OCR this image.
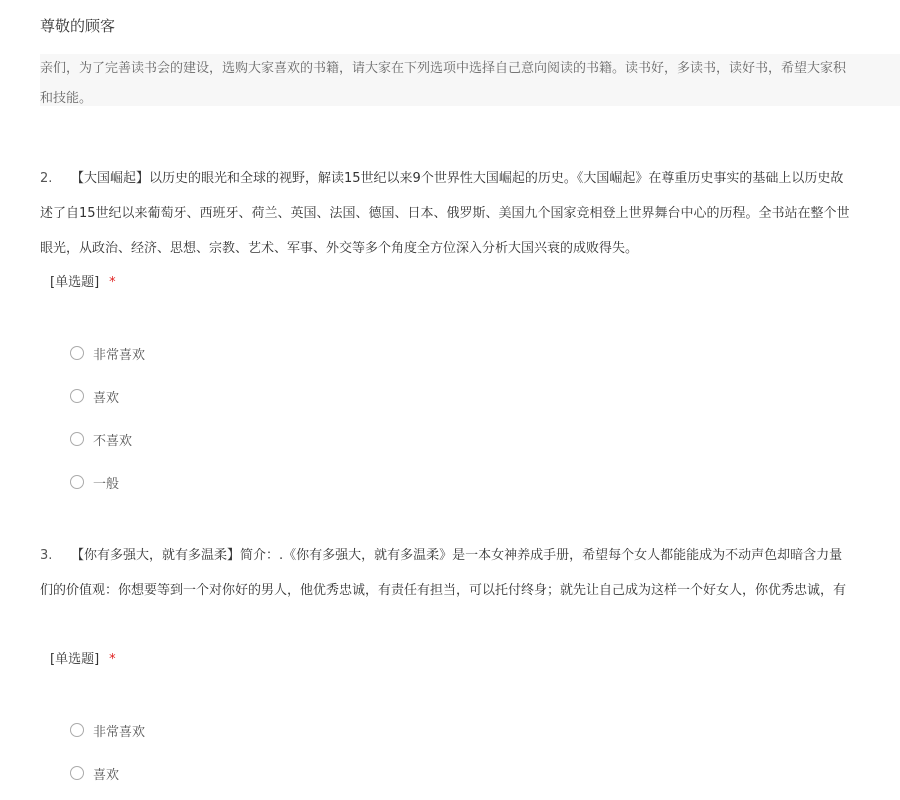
尊敬的顾客
亲们，为了完善读书会的建设，选购大家喜欢的书籍，请大家在下列选项中选择自己意向阅读的书籍。读书好，多读书，读好书，希望大家积
和技能。
2. 【大国崛起】以历史的眼光和全球的视野，解读15世纪以来9个世界性大国崛起的历史。《大国崛起》在尊重历史事实的基础上以历史故
述了自15世纪以来葡萄牙、西班牙、荷兰、英国、法国、德国、日本、俄罗斯、美国九个国家竞相登上世界舞台中心的历程。全书站在整个世
眼光，从政治、经济、思想、宗教、艺术、军事、外交等多个角度全方位深入分析大国兴衰的成败得失。
[单选题] *
非常喜欢
喜欢
不喜欢
一般
3. 【你有多强大，就有多温柔】简介：.《你有多强大，就有多温柔》是一本女神养成手册，希望每个女人都能能成为不动声色却暗含力量
们的价值观：你想要等到一个对你好的男人，他优秀忠诚，有责任有担当，可以托付终身；就先让自己成为这样一个好女人，你优秀忠诚，有
[单选题] *
非常喜欢
喜欢
